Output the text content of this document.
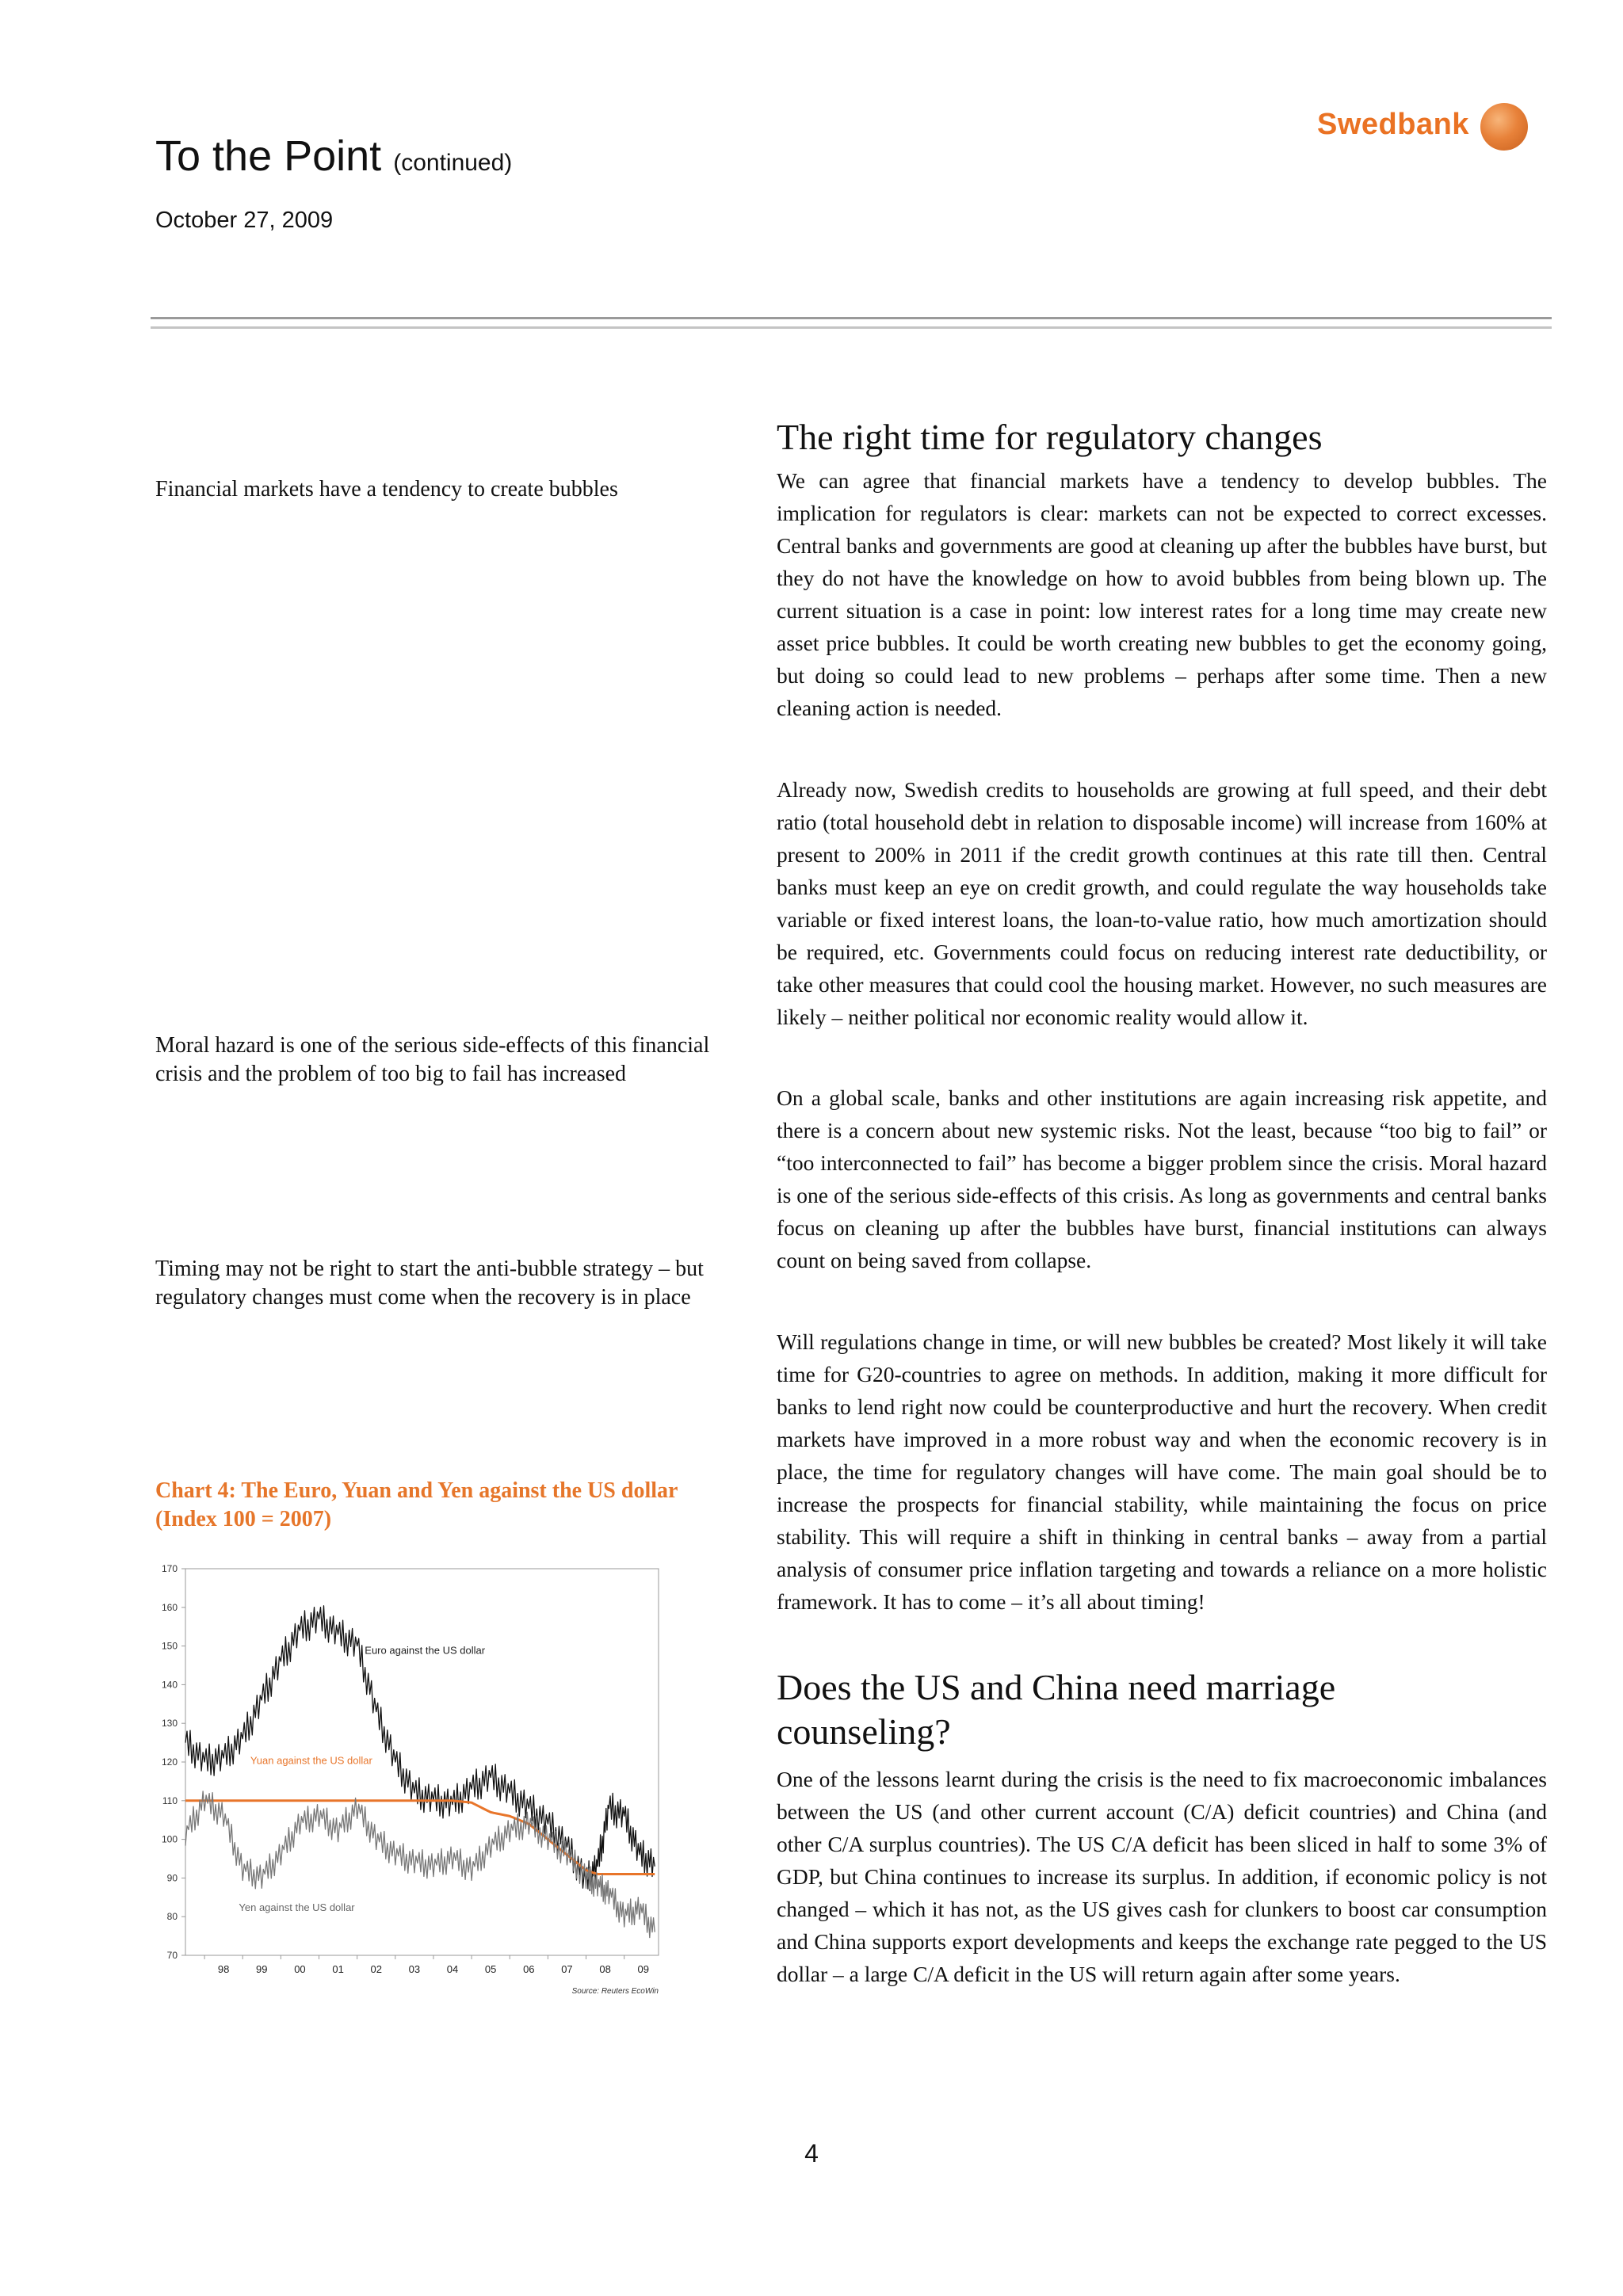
To the Point (continued)
October 27, 2009
Swedbank
Financial markets have a tendency to create bubbles
Moral hazard is one of the serious side-effects of this financial crisis and the problem of too big to fail has increased
Timing may not be right to start the anti-bubble strategy – but regulatory changes must come when the recovery is in place
The right time for regulatory changes
We can agree that financial markets have a tendency to develop bubbles. The implication for regulators is clear: markets can not be expected to correct excesses. Central banks and governments are good at cleaning up after the bubbles have burst, but they do not have the knowledge on how to avoid bubbles from being blown up. The current situation is a case in point: low interest rates for a long time may create new asset price bubbles. It could be worth creating new bubbles to get the economy going, but doing so could lead to new problems – perhaps after some time. Then a new cleaning action is needed.
Already now, Swedish credits to households are growing at full speed, and their debt ratio (total household debt in relation to disposable income) will increase from 160% at present to 200% in 2011 if the credit growth continues at this rate till then. Central banks must keep an eye on credit growth, and could regulate the way households take variable or fixed interest loans, the loan-to-value ratio, how much amortization should be required, etc. Governments could focus on reducing interest rate deductibility, or take other measures that could cool the housing market. However, no such measures are likely – neither political nor economic reality would allow it.
On a global scale, banks and other institutions are again increasing risk appetite, and there is a concern about new systemic risks. Not the least, because “too big to fail” or “too interconnected to fail” has become a bigger problem since the crisis. Moral hazard is one of the serious side-effects of this crisis. As long as governments and central banks focus on cleaning up after the bubbles have burst, financial institutions can always count on being saved from collapse.
Will regulations change in time, or will new bubbles be created? Most likely it will take time for G20-countries to agree on methods. In addition, making it more difficult for banks to lend right now could be counterproductive and hurt the recovery. When credit markets have improved in a more robust way and when the economic recovery is in place, the time for regulatory changes will have come. The main goal should be to increase the prospects for financial stability, while maintaining the focus on price stability. This will require a shift in thinking in central banks – away from a partial analysis of consumer price inflation targeting and towards a reliance on a more holistic framework. It has to come – it’s all about timing!
Does the US and China need marriage
counseling?
One of the lessons learnt during the crisis is the need to fix macroeconomic imbalances between the US (and other current account (C/A) deficit countries) and China (and other C/A surplus countries). The US C/A deficit has been sliced in half to some 3% of GDP, but China continues to increase its surplus. In addition, if economic policy is not changed – which it has not, as the US gives cash for clunkers to boost car consumption and China supports export developments and keeps the exchange rate pegged to the US dollar – a large C/A deficit in the US will return again after some years.
Chart 4: The Euro, Yuan and Yen against the US dollar (Index 100 = 2007)
70
80
90
100
110
120
130
140
150
160
170
98	99	00	01	02	03	04	05	06	07	08	09
Euro against the US dollar
Yuan against the US dollar
Yen against the US dollar
Source: Reuters EcoWin
4
